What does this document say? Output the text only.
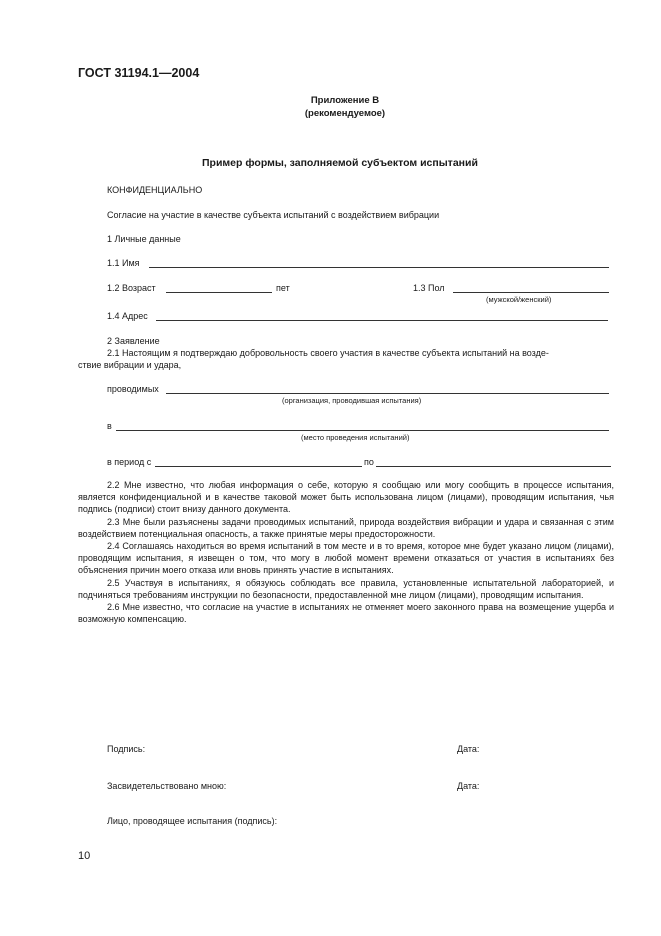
ГОСТ 31194.1—2004
Приложение В
(рекомендуемое)
Пример формы, заполняемой субъектом испытаний
КОНФИДЕНЦИАЛЬНО
Согласие на участие в качестве субъекта испытаний с воздействием вибрации
1 Личные данные
1.1 Имя
1.2 Возраст	пет	1.3 Пол
(мужской/женский)
1.4 Адрес
2 Заявление
2.1 Настоящим я подтверждаю добровольность своего участия в качестве субъекта испытаний на возде-
ствие вибрации и удара,
проводимых
(организация, проводившая испытания)
в
(место проведения испытаний)
в период с	по

2.2 Мне известно, что любая информация о себе, которую я сообщаю или могу сообщить в процессе испытания, является конфиденциальной и в качестве таковой может быть использована лицом (лицами), проводящим испытания, чья подпись (подписи) стоит внизу данного документа.

2.3 Мне были разъяснены задачи проводимых испытаний, природа воздействия вибрации и удара и связанная с этим воздействием потенциальная опасность, а также принятые меры предосторожности.

2.4 Соглашаясь находиться во время испытаний в том месте и в то время, которое мне будет указано лицом (лицами), проводящим испытания, я извещен о том, что могу в любой момент времени отказаться от участия в испытаниях без объяснения причин моего отказа или вновь принять участие в испытаниях.

2.5 Участвуя в испытаниях, я обязуюсь соблюдать все правила, установленные испытательной лабораторией, и подчиняться требованиям инструкции по безопасности, предоставленной мне лицом (лицами), проводящим испытания.

2.6 Мне известно, что согласие на участие в испытаниях не отменяет моего законного права на возмещение ущерба и возможную компенсацию.

Подпись:	Дата:
Засвидетельствовано мною:	Дата:
Лицо, проводящее испытания (подпись):
10
